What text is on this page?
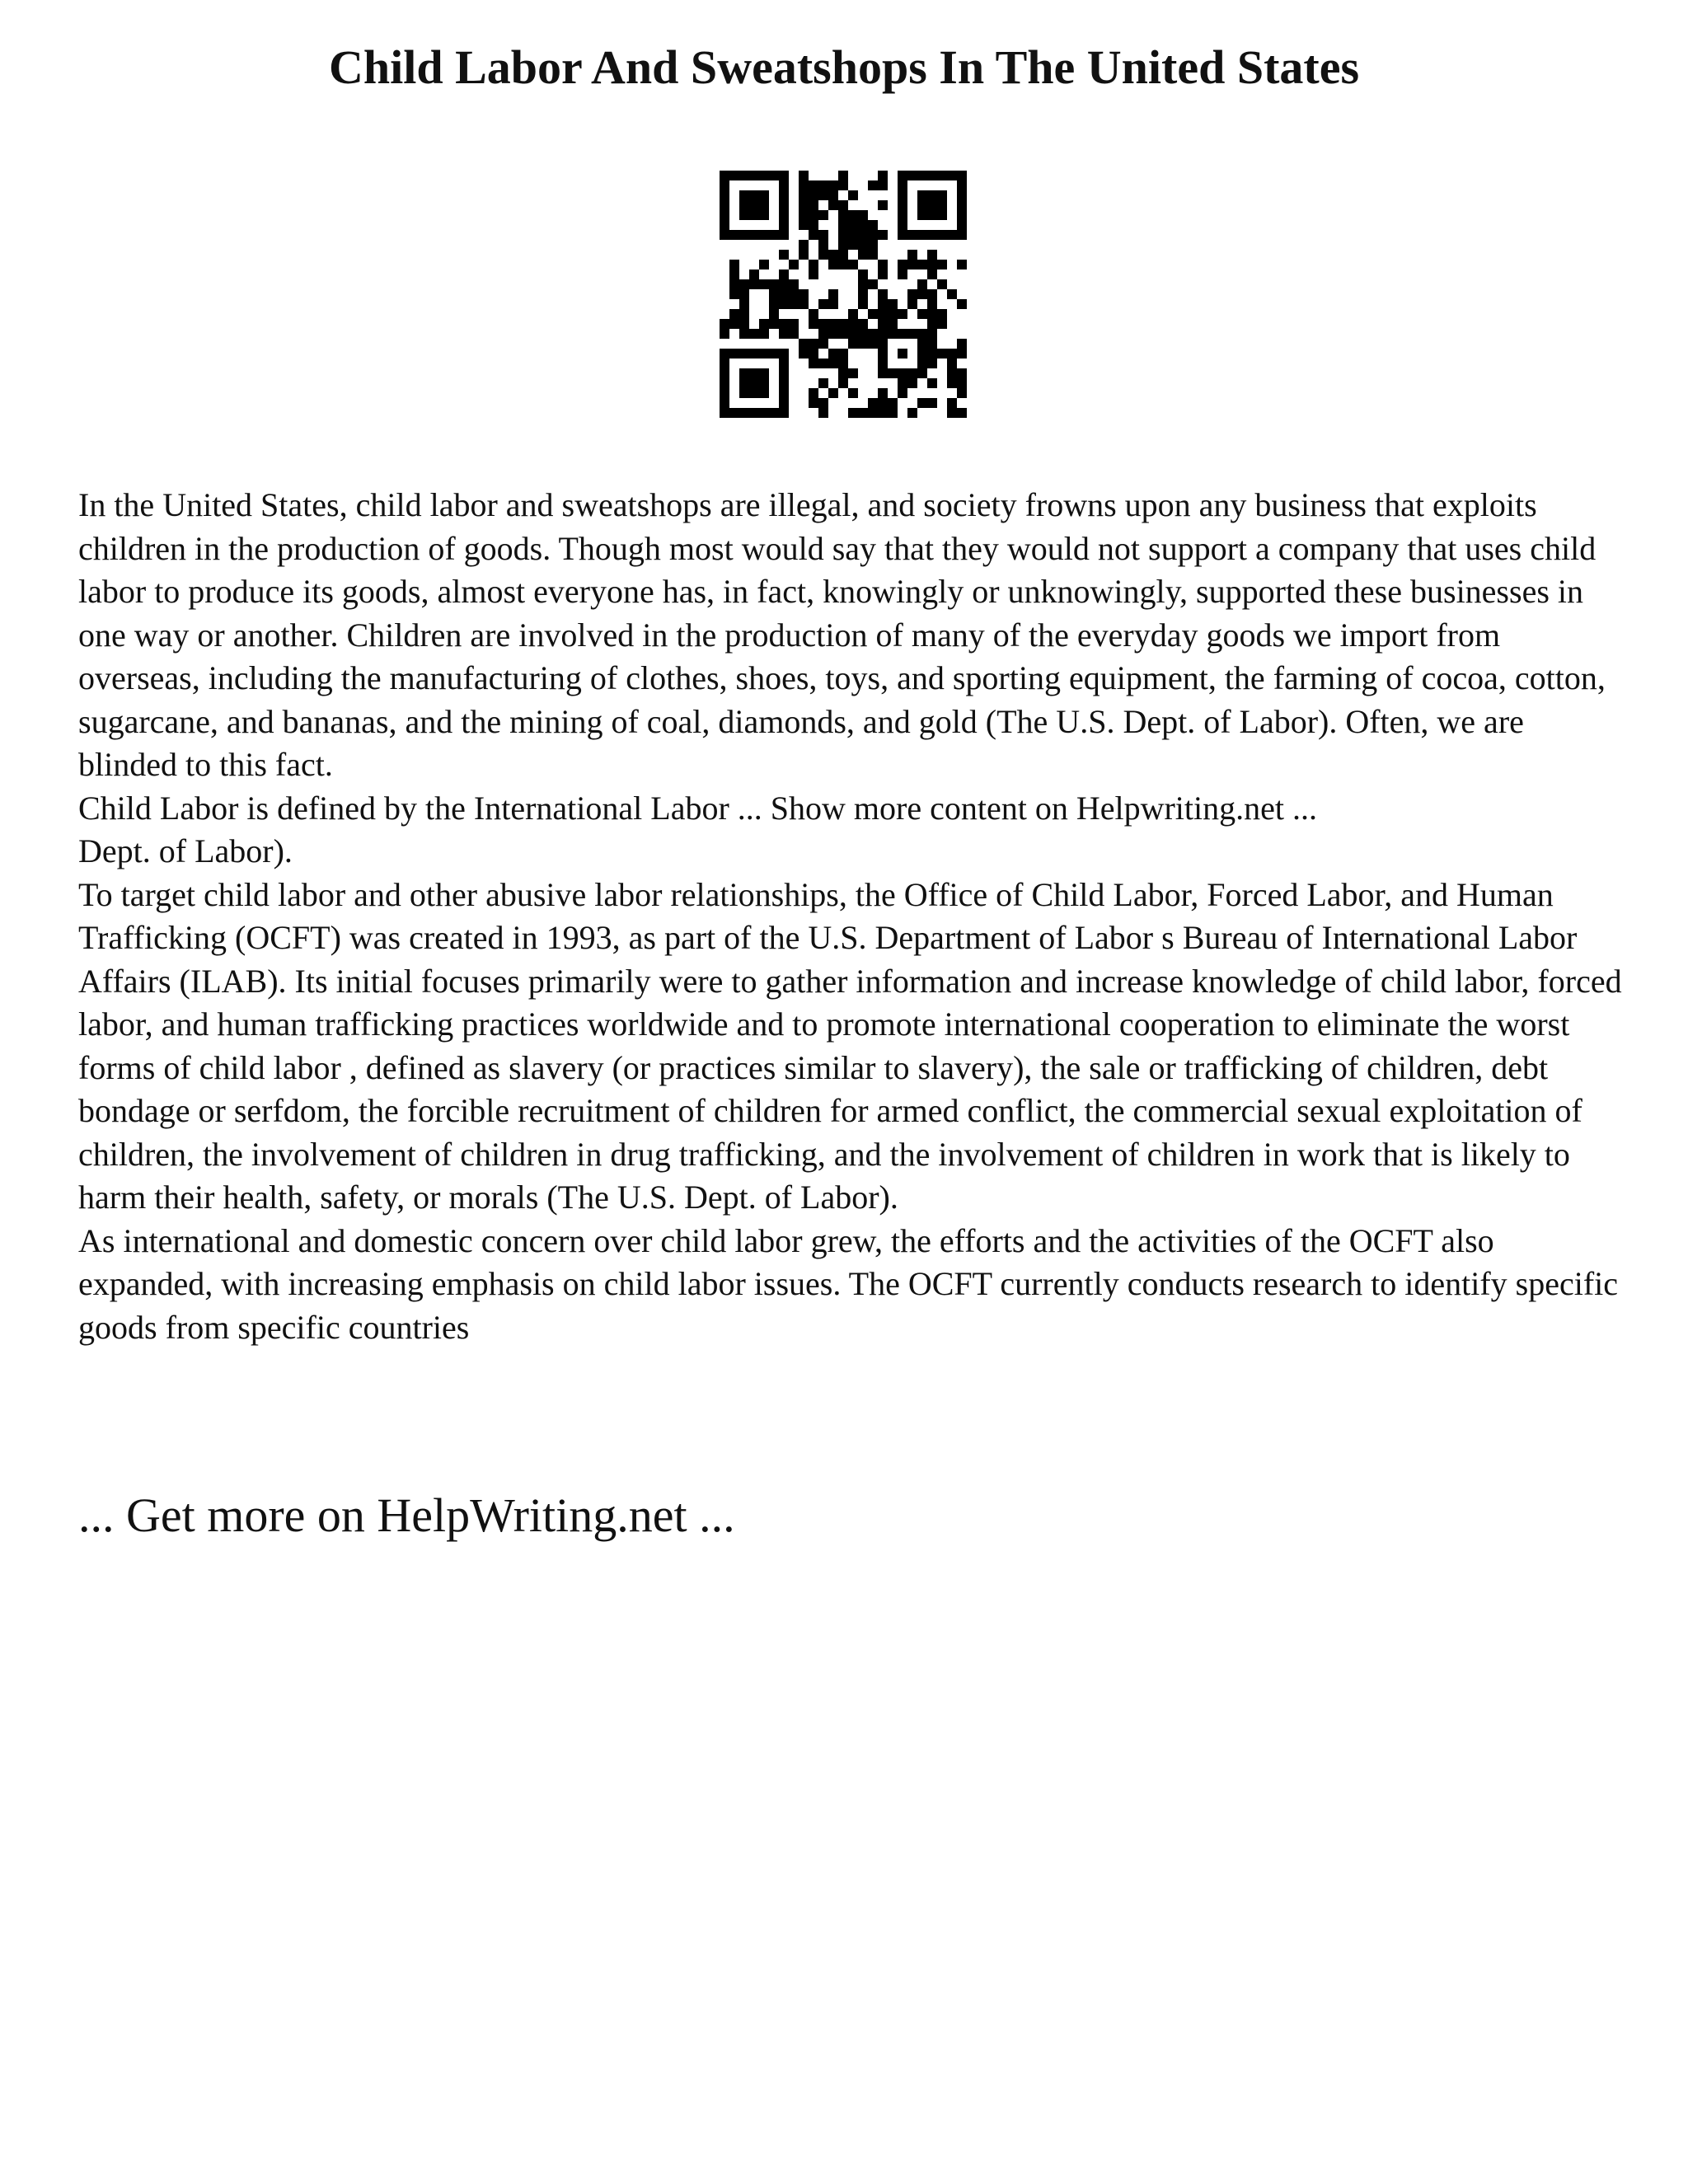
Child Labor And Sweatshops In The United States

In the United States, child labor and sweatshops are illegal, and society frowns upon any business that exploits children in the production of goods. Though most would say that they would not support a company that uses child labor to produce its goods, almost everyone has, in fact, knowingly or unknowingly, supported these businesses in one way or another. Children are involved in the production of many of the everyday goods we import from overseas, including the manufacturing of clothes, shoes, toys, and sporting equipment, the farming of cocoa, cotton, sugarcane, and bananas, and the mining of coal, diamonds, and gold (The U.S. Dept. of Labor). Often, we are blinded to this fact.

Child Labor is defined by the International Labor ... Show more content on Helpwriting.net ...

Dept. of Labor).

To target child labor and other abusive labor relationships, the Office of Child Labor, Forced Labor, and Human Trafficking (OCFT) was created in 1993, as part of the U.S. Department of Labor s Bureau of International Labor Affairs (ILAB). Its initial focuses primarily were to gather information and increase knowledge of child labor, forced labor, and human trafficking practices worldwide and to promote international cooperation to eliminate the worst forms of child labor , defined as slavery (or practices similar to slavery), the sale or trafficking of children, debt bondage or serfdom, the forcible recruitment of children for armed conflict, the commercial sexual exploitation of children, the involvement of children in drug trafficking, and the involvement of children in work that is likely to harm their health, safety, or morals (The U.S. Dept. of Labor).

As international and domestic concern over child labor grew, the efforts and the activities of the OCFT also expanded, with increasing emphasis on child labor issues. The OCFT currently conducts research to identify specific goods from specific countries

... Get more on HelpWriting.net ...
